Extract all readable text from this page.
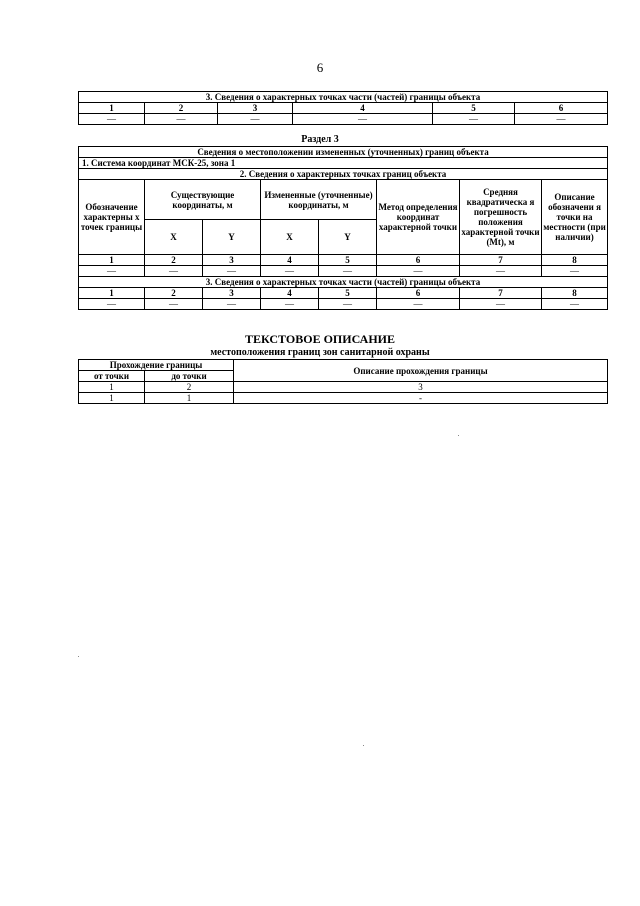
6
3. Сведения о характерных точках части (частей) границы объекта					
1	2	3	4	5	6
—	—	—	—	—	—
Раздел 3
Сведения о местоположении измененных (уточненных) границ объекта							
1. Система координат МСК-25, зона 1							
2. Сведения о характерных точках границ объекта							
Обозначение характерны х точек границы	Существующие координаты, м		Измененные (уточненные) координаты, м		Метод определения координат характерной точки	Средняя квадратическа я погрешность положения характерной точки (Mt), м	Описание обозначени я точки на местности (при наличии)
	X	Y	X	Y			
1	2	3	4	5	6	7	8
—	—	—	—	—	—	—	—
3. Сведения о характерных точках части (частей) границы объекта							
1	2	3	4	5	6	7	8
—	—	—	—	—	—	—	—
ТЕКСТОВОЕ ОПИСАНИЕ
местоположения границ зон санитарной охраны
Прохождение границы		Описание прохождения границы
от точки	до точки	
1	2	3
1	1	-
